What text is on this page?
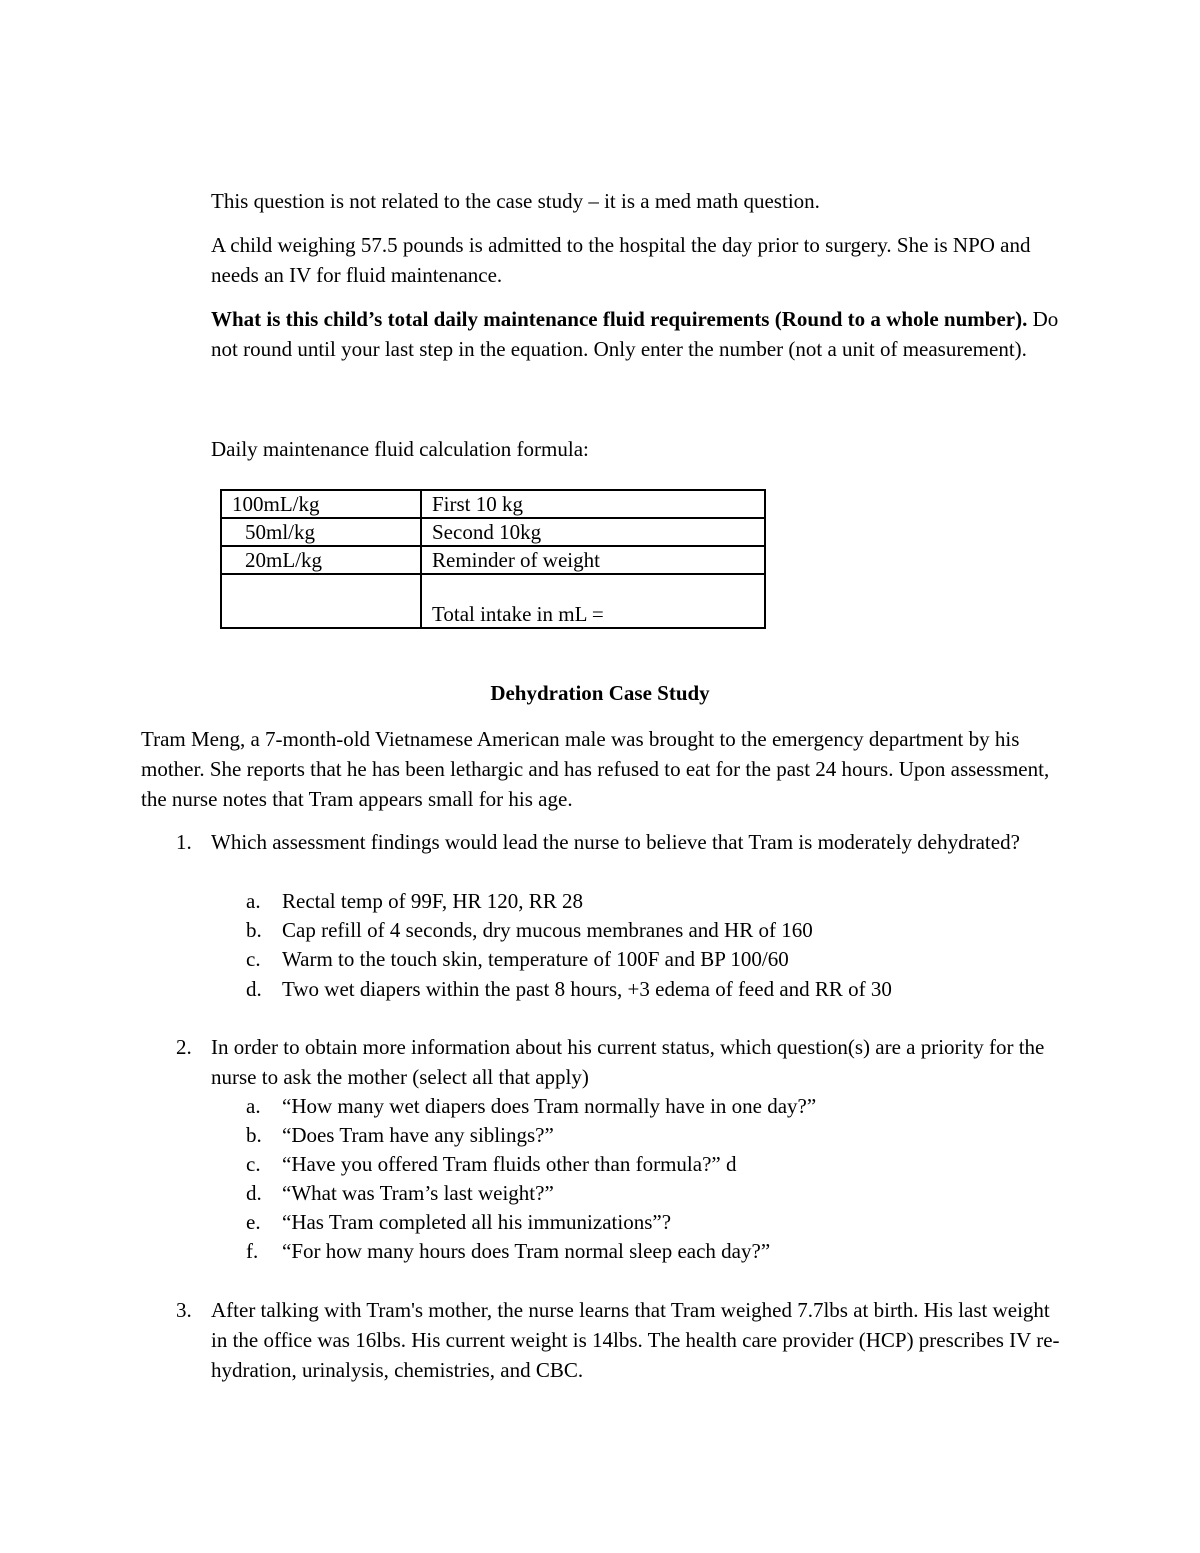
This question is not related to the case study – it is a med math question.

A child weighing 57.5 pounds is admitted to the hospital the day prior to surgery. She is NPO and needs an IV for fluid maintenance.

What is this child’s total daily maintenance fluid requirements (Round to a whole number). Do not round until your last step in the equation. Only enter the number (not a unit of measurement).

Daily maintenance fluid calculation formula:

100mL/kg	First 10 kg
50ml/kg	Second 10kg
20mL/kg	Reminder of weight
	Total intake in mL =

Dehydration Case Study

Tram Meng, a 7-month-old Vietnamese American male was brought to the emergency department by his mother. She reports that he has been lethargic and has refused to eat for the past 24 hours. Upon assessment, the nurse notes that Tram appears small for his age.

1. Which assessment findings would lead the nurse to believe that Tram is moderately dehydrated?
a. Rectal temp of 99F, HR 120, RR 28
b. Cap refill of 4 seconds, dry mucous membranes and HR of 160
c. Warm to the touch skin, temperature of 100F and BP 100/60
d. Two wet diapers within the past 8 hours, +3 edema of feed and RR of 30
2. In order to obtain more information about his current status, which question(s) are a priority for the nurse to ask the mother (select all that apply)
a. “How many wet diapers does Tram normally have in one day?”
b. “Does Tram have any siblings?”
c. “Have you offered Tram fluids other than formula?” d
d. “What was Tram’s last weight?”
e. “Has Tram completed all his immunizations”?
f. “For how many hours does Tram normal sleep each day?”
3. After talking with Tram's mother, the nurse learns that Tram weighed 7.7lbs at birth. His last weight in the office was 16lbs. His current weight is 14lbs. The health care provider (HCP) prescribes IV re-hydration, urinalysis, chemistries, and CBC.
